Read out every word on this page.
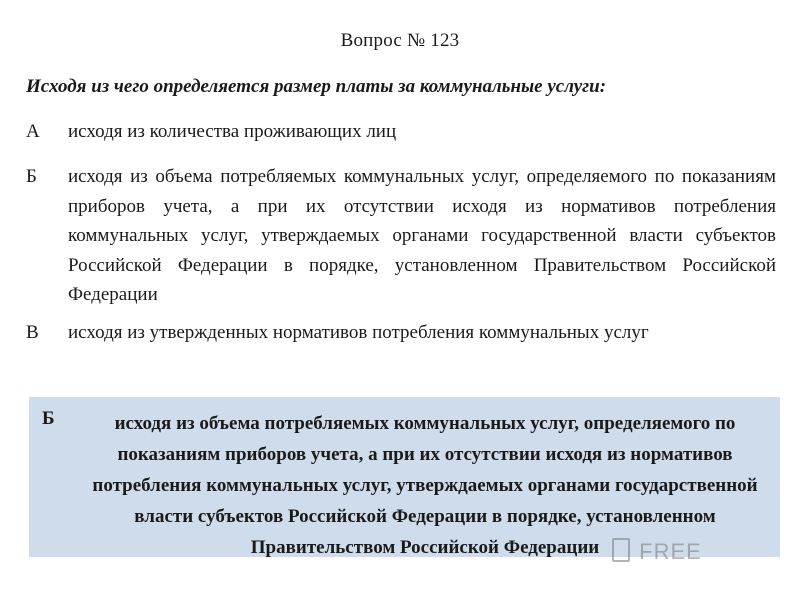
Вопрос № 123
Исходя из чего определяется размер платы за коммунальные услуги:
А	исходя из количества проживающих лиц
Б	исходя из объема потребляемых коммунальных услуг, определяемого по показаниям приборов учета, а при их отсутствии исходя из нормативов потребления коммунальных услуг, утверждаемых органами государственной власти субъектов Российской Федерации в порядке, установленном Правительством Российской Федерации
В	исходя из утвержденных нормативов потребления коммунальных услуг
Б	исходя из объема потребляемых коммунальных услуг, определяемого по показаниям приборов учета, а при их отсутствии исходя из нормативов потребления коммунальных услуг, утверждаемых органами государственной власти субъектов Российской Федерации в порядке, установленном Правительством Российской Федерации	FREE
